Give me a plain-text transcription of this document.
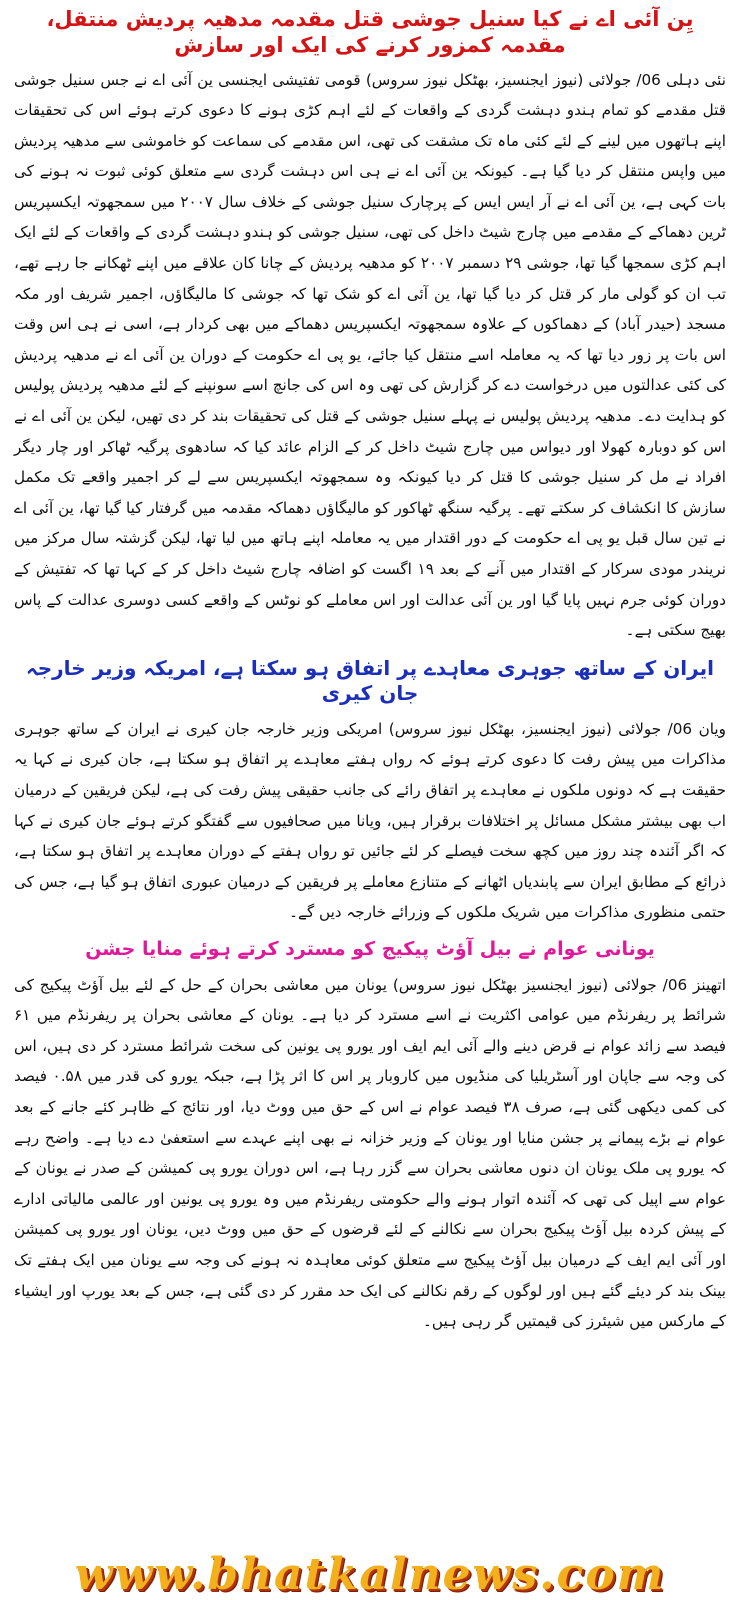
یِن آئی اے نے کیا سنیل جوشی قتل مقدمہ مدھیہ پردیش منتقل، مقدمہ کمزور کرنے کی ایک اور سازش

نئی دہلی 06/ جولائی (نیوز ایجنسیز، بھٹکل نیوز سروس) قومی تفتیشی ایجنسی ین آئی اے نے جس سنیل جوشی قتل مقدمے کو تمام ہندو دہشت گردی کے واقعات کے لئے اہم کڑی ہونے کا دعوی کرتے ہوئے اس کی تحقیقات اپنے ہاتھوں میں لینے کے لئے کئی ماہ تک مشقت کی تھی، اس مقدمے کی سماعت کو خاموشی سے مدھیہ پردیش میں واپس منتقل کر دیا گیا ہے۔ کیونکہ ین آئی اے نے ہی اس دہشت گردی سے متعلق کوئی ثبوت نہ ہونے کی بات کہی ہے، ین آئی اے نے آر ایس ایس کے پرچارک سنیل جوشی کے خلاف سال ۲۰۰۷ میں سمجھوتہ ایکسپریس ٹرین دھماکے کے مقدمے میں چارج شیٹ داخل کی تھی، سنیل جوشی کو ہندو دہشت گردی کے واقعات کے لئے ایک اہم کڑی سمجھا گیا تھا، جوشی ۲۹ دسمبر ۲۰۰۷ کو مدھیہ پردیش کے چانا کان علاقے میں اپنے ٹھکانے جا رہے تھے، تب ان کو گولی مار کر قتل کر دیا گیا تھا، ین آئی اے کو شک تھا کہ جوشی کا مالیگاؤں، اجمیر شریف اور مکہ مسجد (حیدر آباد) کے دھماکوں کے علاوہ سمجھوتہ ایکسپریس دھماکے میں بھی کردار ہے، اسی نے ہی اس وقت اس بات پر زور دیا تھا کہ یہ معاملہ اسے منتقل کیا جائے، یو پی اے حکومت کے دوران ین آئی اے نے مدھیہ پردیش کی کئی عدالتوں میں درخواست دے کر گزارش کی تھی وہ اس کی جانچ اسے سونپنے کے لئے مدھیہ پردیش پولیس کو ہدایت دے۔ مدھیہ پردیش پولیس نے پہلے سنیل جوشی کے قتل کی تحقیقات بند کر دی تھیں، لیکن ین آئی اے نے اس کو دوبارہ کھولا اور دیواس میں چارج شیٹ داخل کر کے الزام عائد کیا کہ سادھوی پرگیہ ٹھاکر اور چار دیگر افراد نے مل کر سنیل جوشی کا قتل کر دیا کیونکہ وہ سمجھوتہ ایکسپریس سے لے کر اجمیر واقعے تک مکمل سازش کا انکشاف کر سکتے تھے۔ پرگیہ سنگھ ٹھاکور کو مالیگاؤں دھماکہ مقدمہ میں گرفتار کیا گیا تھا، ین آئی اے نے تین سال قبل یو پی اے حکومت کے دور اقتدار میں یہ معاملہ اپنے ہاتھ میں لیا تھا، لیکن گزشتہ سال مرکز میں نریندر مودی سرکار کے اقتدار میں آنے کے بعد ۱۹ اگست کو اضافہ چارج شیٹ داخل کر کے کہا تھا کہ تفتیش کے دوران کوئی جرم نہیں پایا گیا اور ین آئی عدالت اور اس معاملے کو نوٹس کے واقعے کسی دوسری عدالت کے پاس بھیج سکتی ہے۔

ایران کے ساتھ جوہری معاہدے پر اتفاق ہو سکتا ہے، امریکہ وزیر خارجہ جان کیری

ویان 06/ جولائی (نیوز ایجنسیز، بھٹکل نیوز سروس) امریکی وزیر خارجہ جان کیری نے ایران کے ساتھ جوہری مذاکرات میں پیش رفت کا دعوی کرتے ہوئے کہ رواں ہفتے معاہدے پر اتفاق ہو سکتا ہے، جان کیری نے کہا یہ حقیقت ہے کہ دونوں ملکوں نے معاہدے پر اتفاق رائے کی جانب حقیقی پیش رفت کی ہے، لیکن فریقین کے درمیان اب بھی بیشتر مشکل مسائل پر اختلافات برقرار ہیں، ویانا میں صحافیوں سے گفتگو کرتے ہوئے جان کیری نے کہا کہ اگر آئندہ چند روز میں کچھ سخت فیصلے کر لئے جائیں تو رواں ہفتے کے دوران معاہدے پر اتفاق ہو سکتا ہے، ذرائع کے مطابق ایران سے پابندیاں اٹھانے کے متنازع معاملے پر فریقین کے درمیان عبوری اتفاق ہو گیا ہے، جس کی حتمی منظوری مذاکرات میں شریک ملکوں کے وزرائے خارجہ دیں گے۔

یونانی عوام نے بیل آؤٹ پیکیج کو مسترد کرتے ہوئے منایا جشن

اتھینز 06/ جولائی (نیوز ایجنسیز بھٹکل نیوز سروس) یونان میں معاشی بحران کے حل کے لئے بیل آؤٹ پیکیج کی شرائط پر ریفرنڈم میں عوامی اکثریت نے اسے مسترد کر دیا ہے۔ یونان کے معاشی بحران پر ریفرنڈم میں ۶۱ فیصد سے زائد عوام نے قرض دینے والے آئی ایم ایف اور یورو پی یونین کی سخت شرائط مسترد کر دی ہیں، اس کی وجہ سے جاپان اور آسٹریلیا کی منڈیوں میں کاروبار پر اس کا اثر پڑا ہے، جبکہ یورو کی قدر میں ۰.۵۸ فیصد کی کمی دیکھی گئی ہے، صرف ۳۸ فیصد عوام نے اس کے حق میں ووٹ دیا، اور نتائج کے ظاہر کئے جانے کے بعد عوام نے بڑے پیمانے پر جشن منایا اور یونان کے وزیر خزانہ نے بھی اپنے عہدے سے استعفیٰ دے دیا ہے۔ واضح رہے کہ یورو پی ملک یونان ان دنوں معاشی بحران سے گزر رہا ہے، اس دوران یورو پی کمیشن کے صدر نے یونان کے عوام سے اپیل کی تھی کہ آئندہ اتوار ہونے والے حکومتی ریفرنڈم میں وہ یورو پی یونین اور عالمی مالیاتی ادارے کے پیش کردہ بیل آؤٹ پیکیج بحران سے نکالنے کے لئے قرضوں کے حق میں ووٹ دیں، یونان اور یورو پی کمیشن اور آئی ایم ایف کے درمیان بیل آؤٹ پیکیج سے متعلق کوئی معاہدہ نہ ہونے کی وجہ سے یونان میں ایک ہفتے تک بینک بند کر دیئے گئے ہیں اور لوگوں کے رقم نکالنے کی ایک حد مقرر کر دی گئی ہے، جس کے بعد یورپ اور ایشیاء کے مارکس میں شیئرز کی قیمتیں گر رہی ہیں۔

www.bhatkalnews.com
